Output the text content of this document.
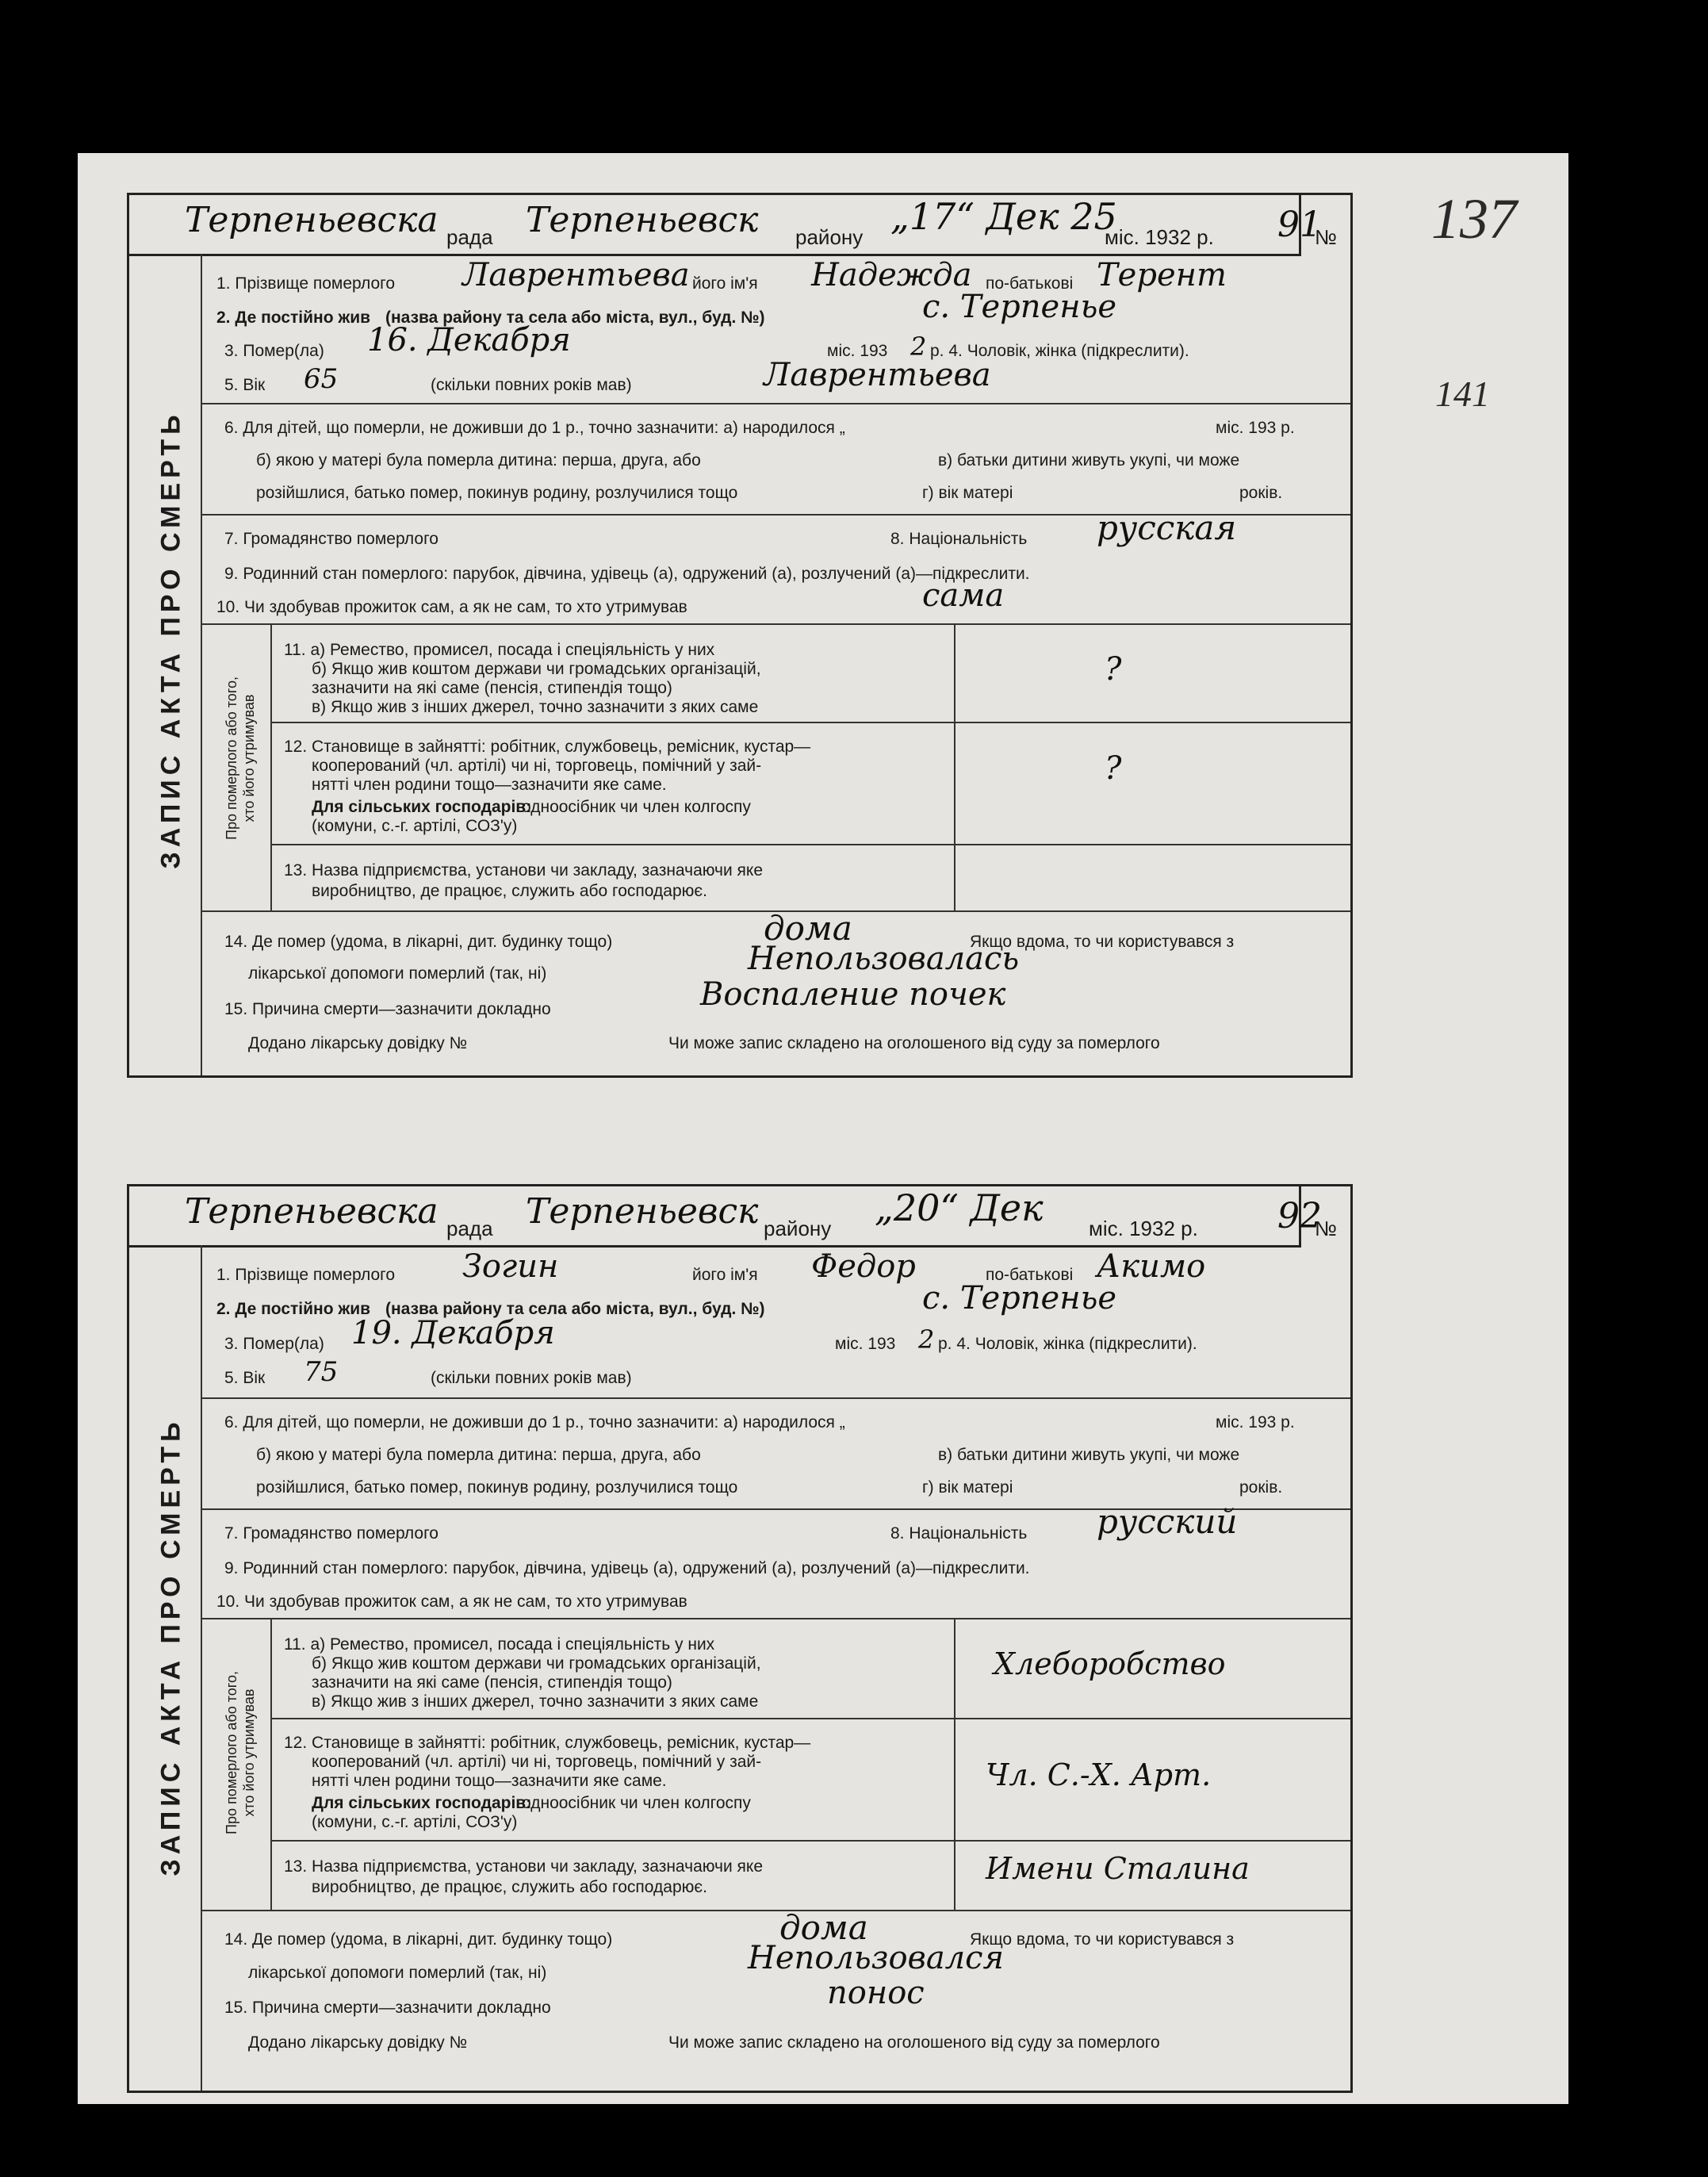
137
141
Терпеньевска рада Терпеньевск району „17“ Дек 25
міс. 1932 р.	№
91
ЗАПИС АКТА ПРО СМЕРТЬ
1. Прізвище померлого Лаврентьева його ім'я Надежда по-батькові Терент
2. Де постійно жив (назва району та села або міста, вул., буд. №)	с. Терпенье
3. Помер(ла) 16. Декабря	міс. 193 2 р. 4. Чоловік, жінка (підкреслити).
5. Вік 65	(скільки повних років мав)	Лаврентьева
6. Для дітей, що померли, не доживши до 1 р., точно зазначити: а) народилося „	міс. 193 р.
б) якою у матері була померла дитина: перша, друга, або	в) батьки дитини живуть укупі, чи може
розійшлися, батько помер, покинув родину, розлучилися тощо	г) вік матері	років.
7. Громадянство померлого	8. Національність русская
9. Родинний стан померлого: парубок, дівчина, удівець (а), одружений (а), розлучений (а)—підкреслити.
10. Чи здобував прожиток сам, а як не сам, то хто утримував	сама
Про померлого або того,
хто його утримував
11. а) Ремество, промисел, посада і спеціяльність у них
б) Якщо жив коштом держави чи громадських організацій,
зазначити на які саме (пенсія, стипендія тощо)
в) Якщо жив з інших джерел, точно зазначити з яких саме
?
12. Становище в зайнятті: робітник, службовець, ремісник, кустар—
кооперований (чл. артілі) чи ні, торговець, помічний у зай-
нятті член родини тощо—зазначити яке саме.
Для сільських господарів:
одноосібник чи член колгоспу
(комуни, с.-г. артілі, СОЗ'у)
?
13. Назва підприємства, установи чи закладу, зазначаючи яке
виробництво, де працює, служить або господарює.
14. Де помер (удома, в лікарні, дит. будинку тощо)	дома	Якщо вдома, то чи користувався з
лікарської допомоги померлий (так, ні)	Непользовалась
15. Причина смерти—зазначити докладно	Воспаление почек
Додано лікарську довідку №	Чи може запис складено на оголошеного від суду за померлого
Терпеньевска рада Терпеньевск району „20“ Дек міс. 1932 р.	№
92
ЗАПИС АКТА ПРО СМЕРТЬ
1. Прізвище померлого Зогин	його ім'я Федор	по-батькові Акимо
2. Де постійно жив (назва району та села або міста, вул., буд. №)	с. Терпенье
3. Помер(ла) 19. Декабря	міс. 193 2 р. 4. Чоловік, жінка (підкреслити).
5. Вік 75	(скільки повних років мав)
6. Для дітей, що померли, не доживши до 1 р., точно зазначити: а) народилося „	міс. 193 р.
б) якою у матері була померла дитина: перша, друга, або	в) батьки дитини живуть укупі, чи може
розійшлися, батько помер, покинув родину, розлучилися тощо	г) вік матері	років.
7. Громадянство померлого	8. Національність русский
9. Родинний стан померлого: парубок, дівчина, удівець (а), одружений (а), розлучений (а)—підкреслити.
10. Чи здобував прожиток сам, а як не сам, то хто утримував
Про померлого або того,
хто його утримував
11. а) Ремество, промисел, посада і спеціяльність у них
б) Якщо жив коштом держави чи громадських організацій,
зазначити на які саме (пенсія, стипендія тощо)
в) Якщо жив з інших джерел, точно зазначити з яких саме
Хлеборобство
12. Становище в зайнятті: робітник, службовець, ремісник, кустар—
кооперований (чл. артілі) чи ні, торговець, помічний у зай-
нятті член родини тощо—зазначити яке саме.
Для сільських господарів:
одноосібник чи член колгоспу
(комуни, с.-г. артілі, СОЗ'у)
Чл. С.-Х. Арт.
13. Назва підприємства, установи чи закладу, зазначаючи яке
виробництво, де працює, служить або господарює.
Имени Сталина
14. Де помер (удома, в лікарні, дит. будинку тощо)	дома	Якщо вдома, то чи користувався з
лікарської допомоги померлий (так, ні)	Непользовался
15. Причина смерти—зазначити докладно	понос
Додано лікарську довідку №	Чи може запис складено на оголошеного від суду за померлого
